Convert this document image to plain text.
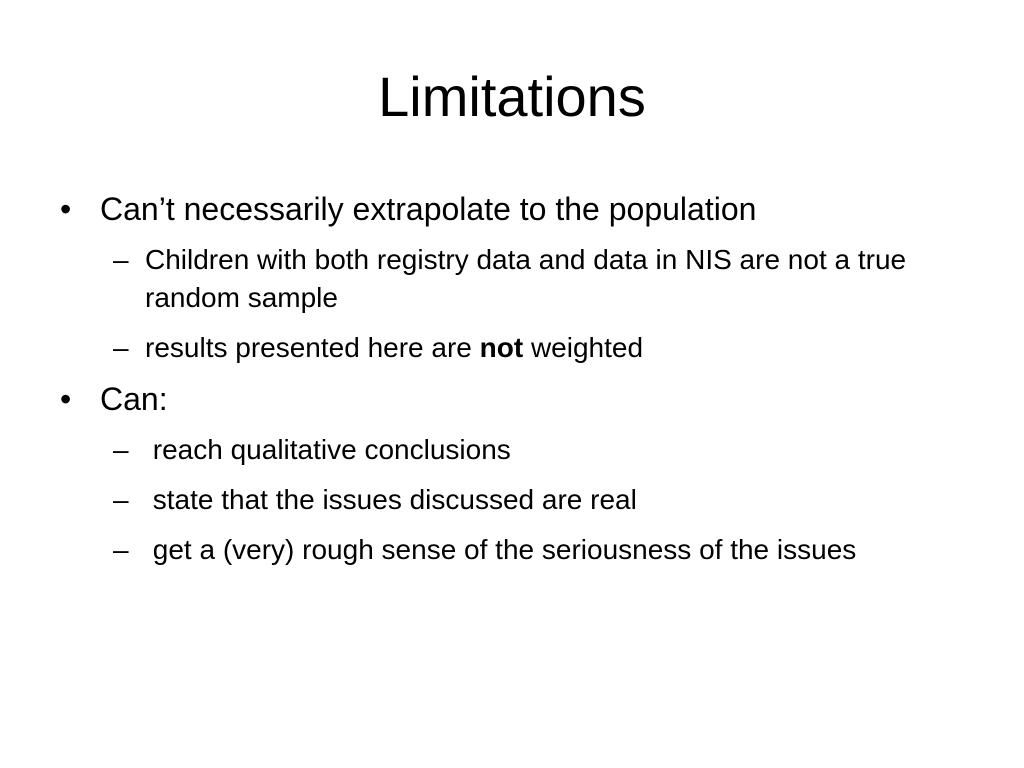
Limitations
• Can’t necessarily extrapolate to the population
– Children with both registry data and data in NIS are not a true random sample
– results presented here are not weighted
• Can:
– reach qualitative conclusions
– state that the issues discussed are real
– get a (very) rough sense of the seriousness of the issues
